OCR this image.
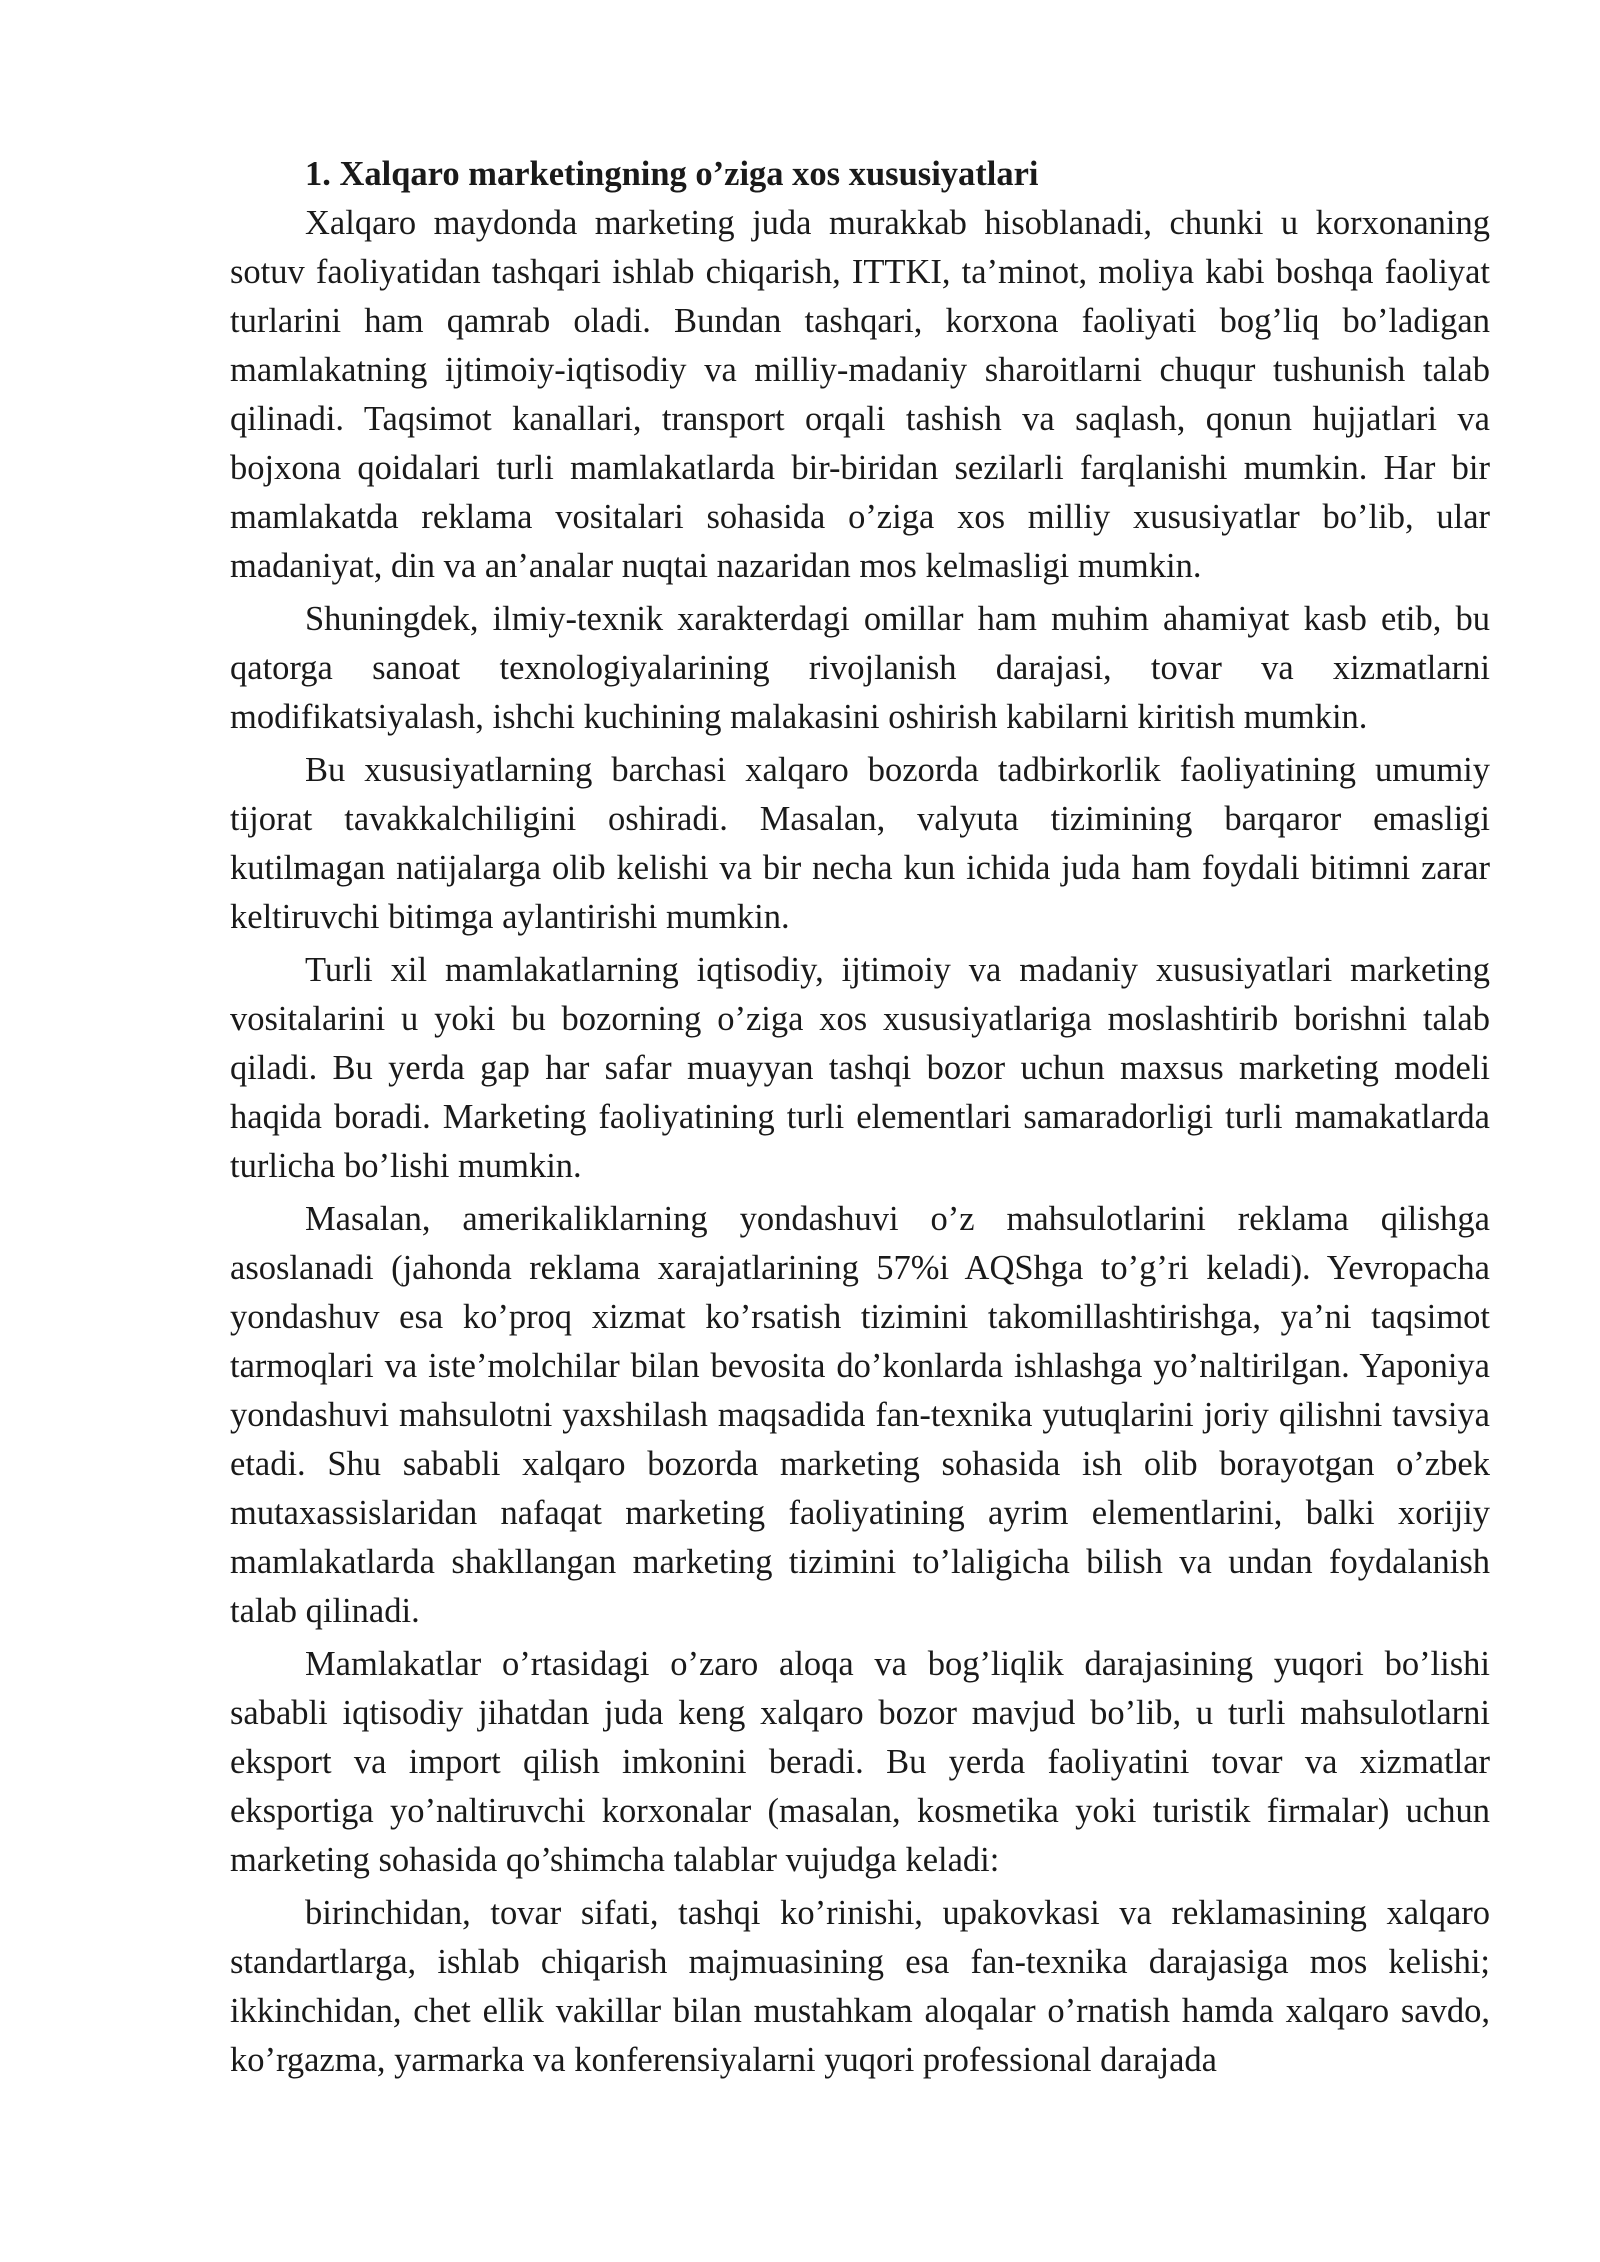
1. Xalqaro marketingning o’ziga xos xususiyatlari

Xalqaro maydonda marketing juda murakkab hisoblanadi, chunki u korxonaning sotuv faoliyatidan tashqari ishlab chiqarish, ITTKI, ta’minot, moliya kabi boshqa faoliyat turlarini ham qamrab oladi. Bundan tashqari, korxona faoliyati bog’liq bo’ladigan mamlakatning ijtimoiy-iqtisodiy va milliy-madaniy sharoitlarni chuqur tushunish talab qilinadi. Taqsimot kanallari, transport orqali tashish va saqlash, qonun hujjatlari va bojxona qoidalari turli mamlakatlarda bir-biridan sezilarli farqlanishi mumkin. Har bir mamlakatda reklama vositalari sohasida o’ziga xos milliy xususiyatlar bo’lib, ular madaniyat, din va an’analar nuqtai nazaridan mos kelmasligi mumkin.

Shuningdek, ilmiy-texnik xarakterdagi omillar ham muhim ahamiyat kasb etib, bu qatorga sanoat texnologiyalarining rivojlanish darajasi, tovar va xizmatlarni modifikatsiyalash, ishchi kuchining malakasini oshirish kabilarni kiritish mumkin.

Bu xususiyatlarning barchasi xalqaro bozorda tadbirkorlik faoliyatining umumiy tijorat tavakkalchiligini oshiradi. Masalan, valyuta tizimining barqaror emasligi kutilmagan natijalarga olib kelishi va bir necha kun ichida juda ham foydali bitimni zarar keltiruvchi bitimga aylantirishi mumkin.

Turli xil mamlakatlarning iqtisodiy, ijtimoiy va madaniy xususiyatlari marketing vositalarini u yoki bu bozorning o’ziga xos xususiyatlariga moslashtirib borishni talab qiladi. Bu yerda gap har safar muayyan tashqi bozor uchun maxsus marketing modeli haqida boradi. Marketing faoliyatining turli elementlari samaradorligi turli mamakatlarda turlicha bo’lishi mumkin.

Masalan, amerikaliklarning yondashuvi o’z mahsulotlarini reklama qilishga asoslanadi (jahonda reklama xarajatlarining 57%i AQShga to’g’ri keladi). Yevropacha yondashuv esa ko’proq xizmat ko’rsatish tizimini takomillashtirishga, ya’ni taqsimot tarmoqlari va iste’molchilar bilan bevosita do’konlarda ishlashga yo’naltirilgan. Yaponiya yondashuvi mahsulotni yaxshilash maqsadida fan-texnika yutuqlarini joriy qilishni tavsiya etadi. Shu sababli xalqaro bozorda marketing sohasida ish olib borayotgan o’zbek mutaxassislaridan nafaqat marketing faoliyatining ayrim elementlarini, balki xorijiy mamlakatlarda shakllangan marketing tizimini to’laligicha bilish va undan foydalanish talab qilinadi.

Mamlakatlar o’rtasidagi o’zaro aloqa va bog’liqlik darajasining yuqori bo’lishi sababli iqtisodiy jihatdan juda keng xalqaro bozor mavjud bo’lib, u turli mahsulotlarni eksport va import qilish imkonini beradi. Bu yerda faoliyatini tovar va xizmatlar eksportiga yo’naltiruvchi korxonalar (masalan, kosmetika yoki turistik firmalar) uchun marketing sohasida qo’shimcha talablar vujudga keladi:

birinchidan, tovar sifati, tashqi ko’rinishi, upakovkasi va reklamasining xalqaro standartlarga, ishlab chiqarish majmuasining esa fan-texnika darajasiga mos kelishi; ikkinchidan, chet ellik vakillar bilan mustahkam aloqalar o’rnatish hamda xalqaro savdo, ko’rgazma, yarmarka va konferensiyalarni yuqori professional darajada
